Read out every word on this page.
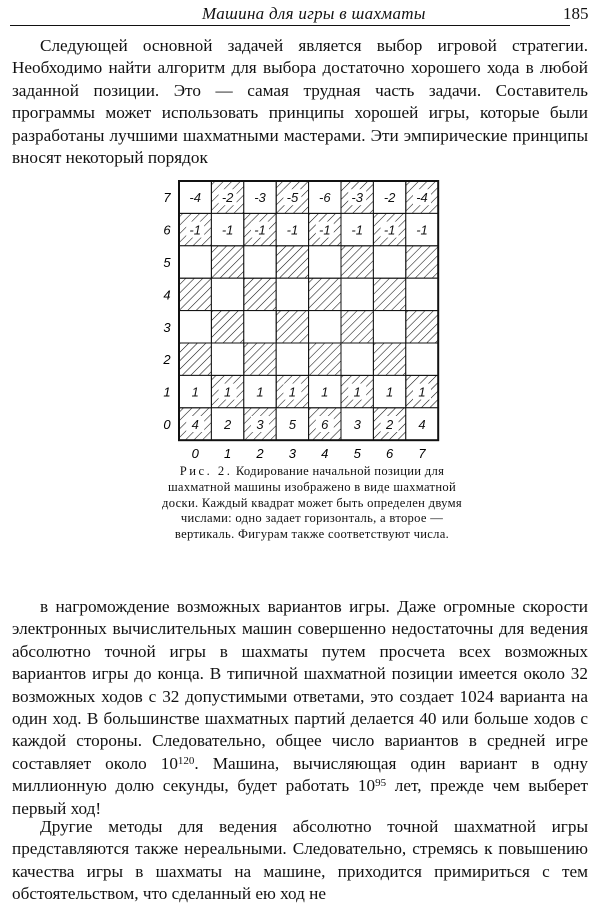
Машина для игры в шахматы	185

Следующей основной задачей является выбор игровой стратегии. Необходимо найти алгоритм для выбора достаточно хорошего хода в любой заданной позиции. Это — самая трудная часть задачи. Составитель программы может использовать принципы хорошей игры, которые были разработаны лучшими шахматными мастерами. Эти эмпирические принципы вносят некоторый порядок

-4 -2 -3 -5 -6 -3 -2 -4
-1 -1 -1 -1 -1 -1 -1 -1
1 1 1 1 1 1 1 1
4 2 3 5 6 3 2 4
7
6
5
4
3
2
1
0
0 1 2 3 4 5 6 7

Рис. 2. Кодирование начальной позиции для шахматной машины изображено в виде шахматной доски. Каждый квадрат может быть определен двумя числами: одно задает горизонталь, а второе — вертикаль. Фигурам также соответствуют числа.

в нагромождение возможных вариантов игры. Даже огромные скорости электронных вычислительных машин совершенно недостаточны для ведения абсолютно точной игры в шахматы путем просчета всех возможных вариантов игры до конца. В типичной шахматной позиции имеется около 32 возможных ходов с 32 допустимыми ответами, это создает 1024 варианта на один ход. В большинстве шахматных партий делается 40 или больше ходов с каждой стороны. Следовательно, общее число вариантов в средней игре составляет около $10^{120}$. Машина, вычисляющая один вариант в одну миллионную долю секунды, будет работать $10^{95}$ лет, прежде чем выберет первый ход!

Другие методы для ведения абсолютно точной шахматной игры представляются также нереальными. Следовательно, стремясь к повышению качества игры в шахматы на машине, приходится примириться с тем обстоятельством, что сделанный ею ход не
